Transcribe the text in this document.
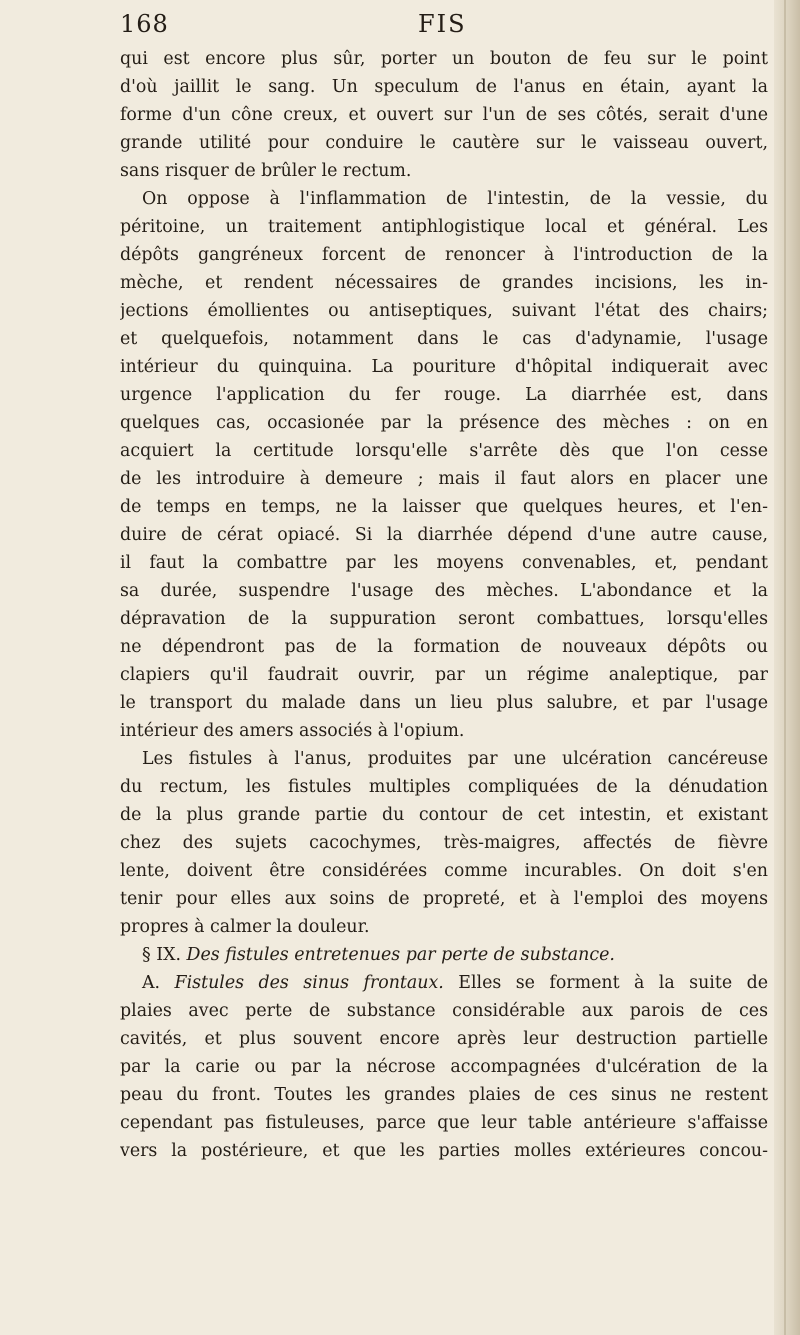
168	FIS
qui est encore plus sûr, porter un bouton de feu sur le point
d'où jaillit le sang. Un speculum de l'anus en étain, ayant la
forme d'un cône creux, et ouvert sur l'un de ses côtés, serait d'une
grande utilité pour conduire le cautère sur le vaisseau ouvert,
sans risquer de brûler le rectum.
On oppose à l'inflammation de l'intestin, de la vessie, du
péritoine, un traitement antiphlogistique local et général. Les
dépôts gangréneux forcent de renoncer à l'introduction de la
mèche, et rendent nécessaires de grandes incisions, les in-
jections émollientes ou antiseptiques, suivant l'état des chairs;
et quelquefois, notamment dans le cas d'adynamie, l'usage
intérieur du quinquina. La pouriture d'hôpital indiquerait avec
urgence l'application du fer rouge. La diarrhée est, dans
quelques cas, occasionée par la présence des mèches : on en
acquiert la certitude lorsqu'elle s'arrête dès que l'on cesse
de les introduire à demeure ; mais il faut alors en placer une
de temps en temps, ne la laisser que quelques heures, et l'en-
duire de cérat opiacé. Si la diarrhée dépend d'une autre cause,
il faut la combattre par les moyens convenables, et, pendant
sa durée, suspendre l'usage des mèches. L'abondance et la
dépravation de la suppuration seront combattues, lorsqu'elles
ne dépendront pas de la formation de nouveaux dépôts ou
clapiers qu'il faudrait ouvrir, par un régime analeptique, par
le transport du malade dans un lieu plus salubre, et par l'usage
intérieur des amers associés à l'opium.
Les fistules à l'anus, produites par une ulcération cancéreuse
du rectum, les fistules multiples compliquées de la dénudation
de la plus grande partie du contour de cet intestin, et existant
chez des sujets cacochymes, très-maigres, affectés de fièvre
lente, doivent être considérées comme incurables. On doit s'en
tenir pour elles aux soins de propreté, et à l'emploi des moyens
propres à calmer la douleur.
§ IX. Des fistules entretenues par perte de substance.
A. Fistules des sinus frontaux. Elles se forment à la suite de
plaies avec perte de substance considérable aux parois de ces
cavités, et plus souvent encore après leur destruction partielle
par la carie ou par la nécrose accompagnées d'ulcération de la
peau du front. Toutes les grandes plaies de ces sinus ne restent
cependant pas fistuleuses, parce que leur table antérieure s'affaisse
vers la postérieure, et que les parties molles extérieures concou-
